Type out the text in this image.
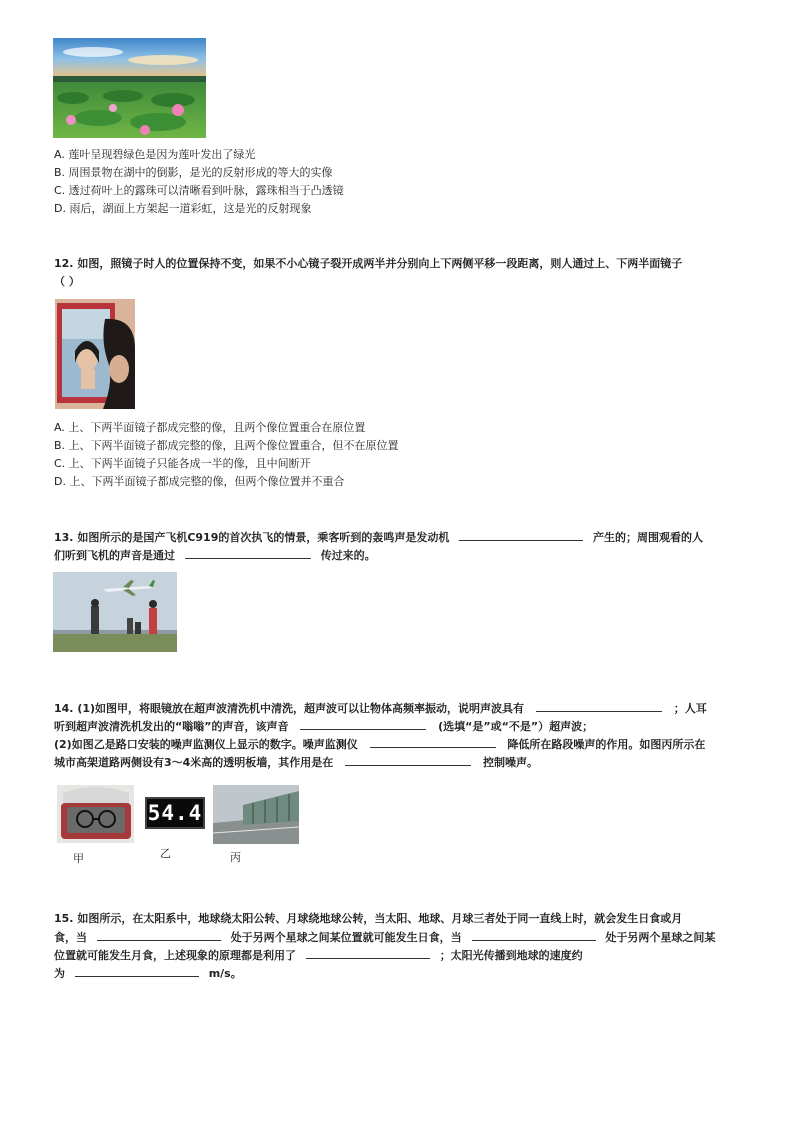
A. 莲叶呈现碧绿色是因为莲叶发出了绿光
B. 周围景物在湖中的倒影，是光的反射形成的等大的实像
C. 透过荷叶上的露珠可以清晰看到叶脉，露珠相当于凸透镜
D. 雨后，湖面上方架起一道彩虹，这是光的反射现象
12. 如图，照镜子时人的位置保持不变，如果不小心镜子裂开成两半并分别向上下两侧平移一段距离，则人通过上、下两半面镜子
（ ）
A. 上、下两半面镜子都成完整的像，且两个像位置重合在原位置
B. 上、下两半面镜子都成完整的像，且两个像位置重合，但不在原位置
C. 上、下两半面镜子只能各成一半的像，且中间断开
D. 上、下两半面镜子都成完整的像，但两个像位置并不重合
13. 如图所示的是国产飞机C919的首次执飞的情景，乘客听到的轰鸣声是发动机	产生的；周围观看的人
们听到飞机的声音是通过	传过来的。
14. (1)如图甲，将眼镜放在超声波清洗机中清洗，超声波可以让物体高频率振动，说明声波具有	；人耳
听到超声波清洗机发出的“嗡嗡”的声音，该声音	(选填“是”或“不是”）超声波；
(2)如图乙是路口安装的噪声监测仪上显示的数字。噪声监测仪	降低所在路段噪声的作用。如图丙所示在
城市高架道路两侧设有3～4米高的透明板墙，其作用是在	控制噪声。
54.4
甲	乙	丙
15. 如图所示，在太阳系中，地球绕太阳公转、月球绕地球公转，当太阳、地球、月球三者处于同一直线上时，就会发生日食或月
食，当	处于另两个星球之间某位置就可能发生日食，当	处于另两个星球之间某
位置就可能发生月食，上述现象的原理都是利用了	；太阳光传播到地球的速度约
为	m/s。
